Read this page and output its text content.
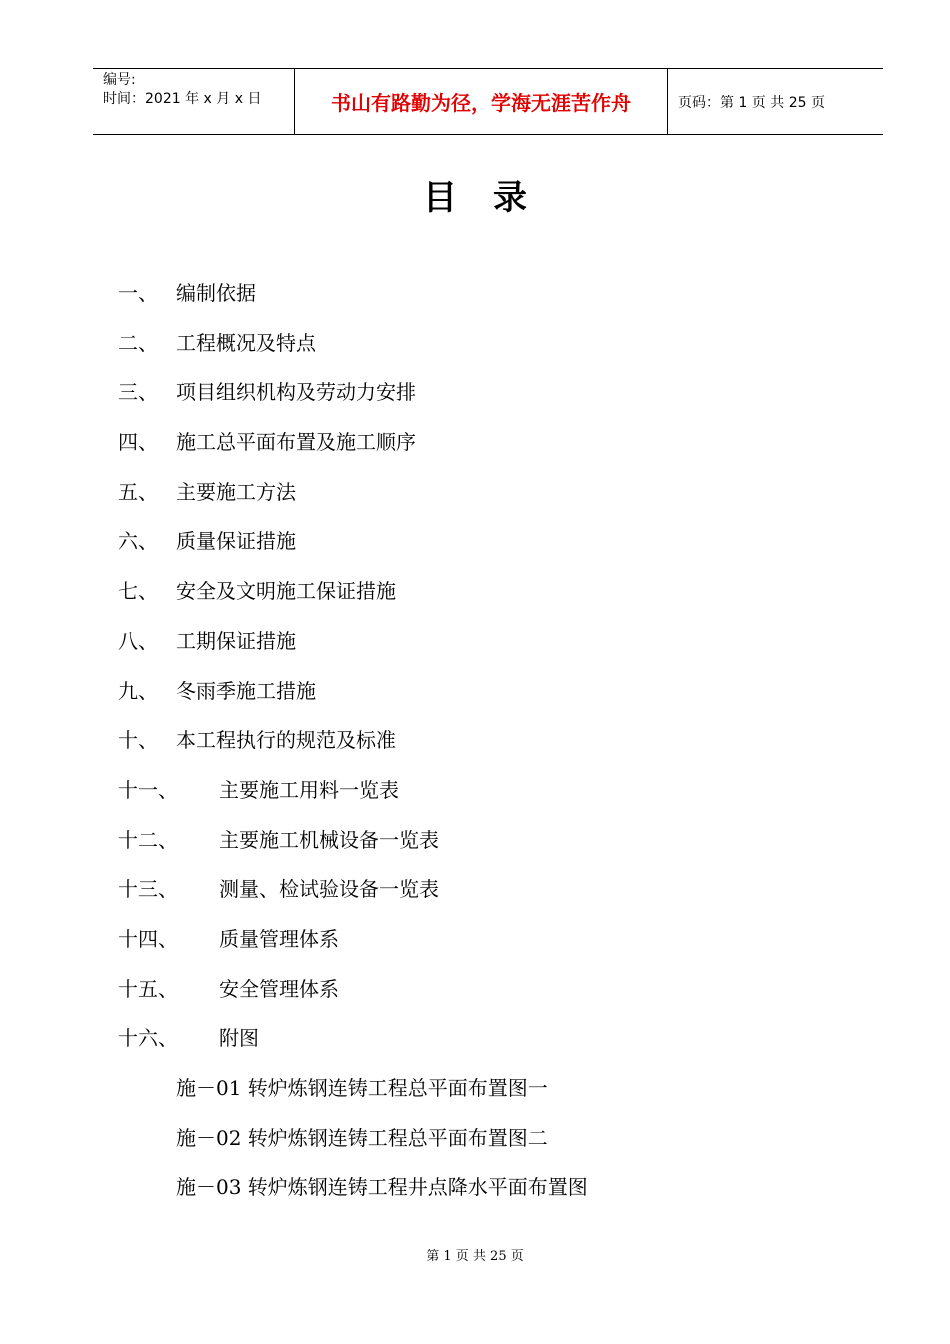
编号:
时间：2021 年 x 月 x 日	书山有路勤为径，学海无涯苦作舟	页码：第 1 页 共 25 页
目录
一、 编制依据
二、 工程概况及特点
三、 项目组织机构及劳动力安排
四、 施工总平面布置及施工顺序
五、 主要施工方法
六、 质量保证措施
七、 安全及文明施工保证措施
八、 工期保证措施
九、 冬雨季施工措施
十、 本工程执行的规范及标准
十一、	主要施工用料一览表
十二、	主要施工机械设备一览表
十三、	测量、检试验设备一览表
十四、	质量管理体系
十五、	安全管理体系
十六、	附图
施－01 转炉炼钢连铸工程总平面布置图一
施－02 转炉炼钢连铸工程总平面布置图二
施－03 转炉炼钢连铸工程井点降水平面布置图
第 1 页 共 25 页
